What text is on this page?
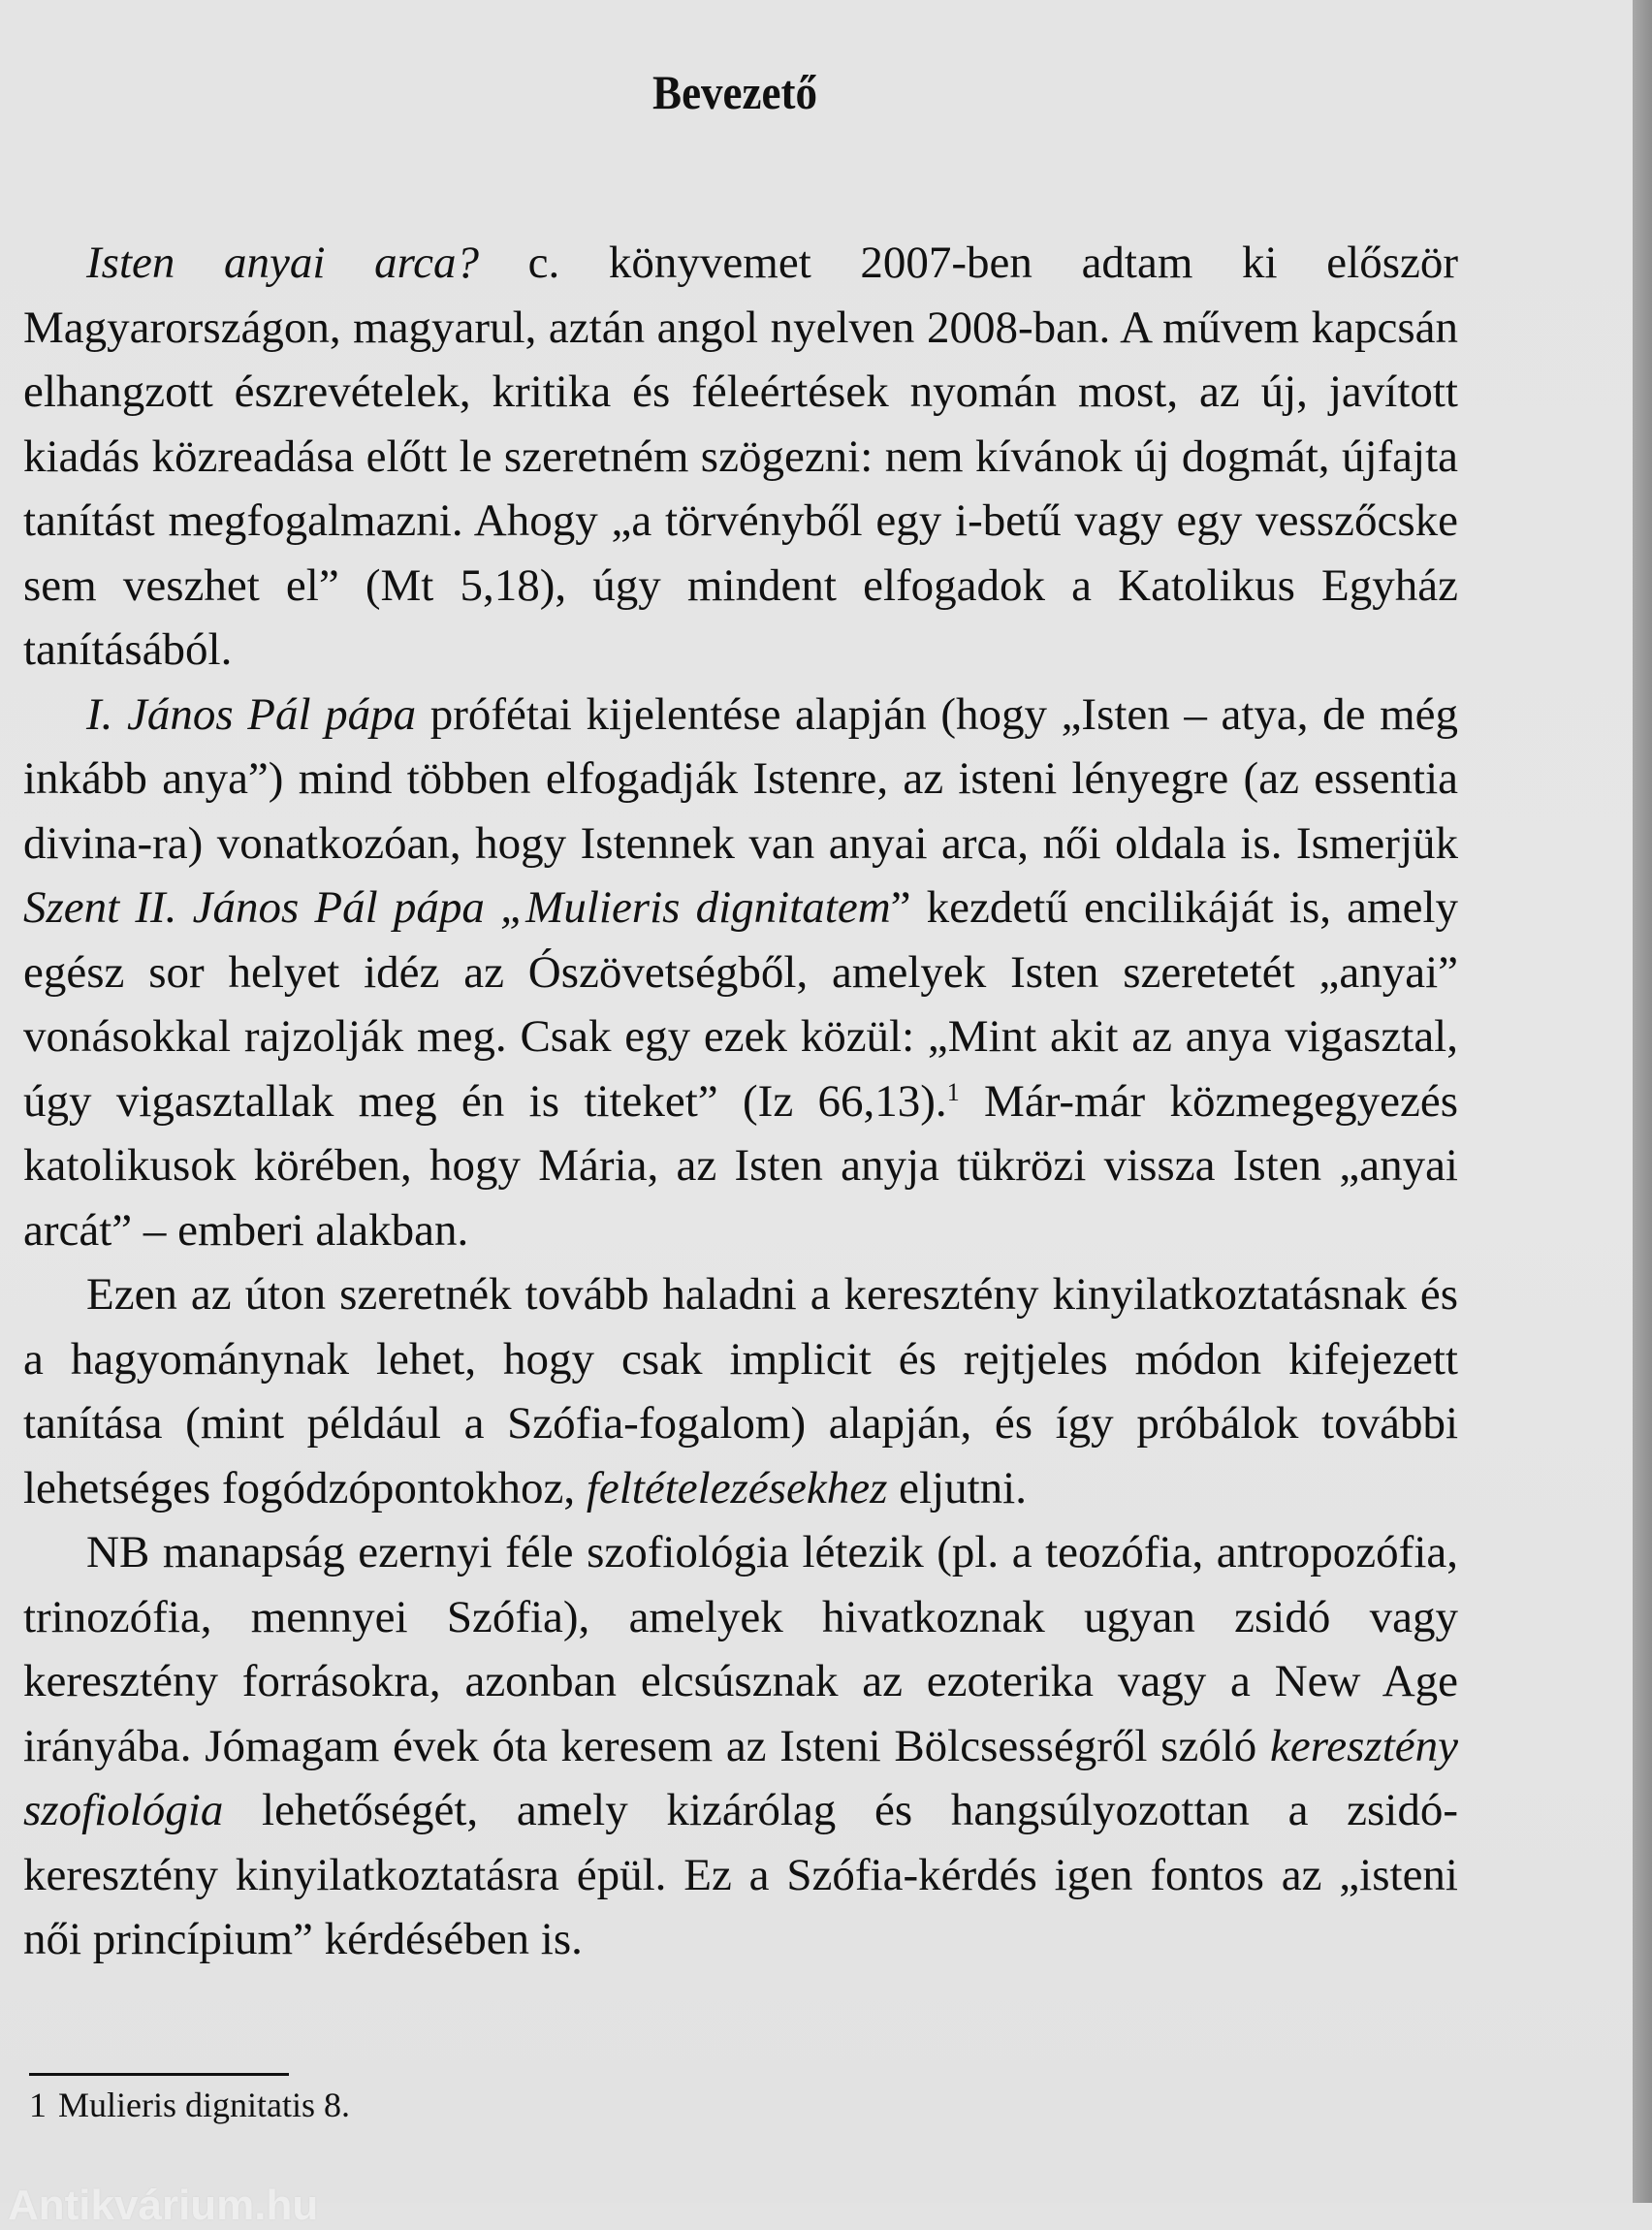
Bevezető

Isten anyai arca? c. könyvemet 2007-ben adtam ki először Magyarországon, magyarul, aztán angol nyelven 2008-ban. A művem kapcsán elhangzott észrevételek, kritika és féleértések nyomán most, az új, javított kiadás közreadása előtt le szeretném szögezni: nem kívánok új dogmát, újfajta tanítást megfogalmazni. Ahogy „a törvényből egy i-betű vagy egy vesszőcske sem veszhet el” (Mt 5,18), úgy mindent elfogadok a Katolikus Egyház tanításából.

I. János Pál pápa prófétai kijelentése alapján (hogy „Isten – atya, de még inkább anya”) mind többen elfogadják Istenre, az isteni lényegre (az essentia divina-ra) vonatkozóan, hogy Istennek van anyai arca, női oldala is. Ismerjük Szent II. János Pál pápa „Mulieris dignitatem” kezdetű encilikáját is, amely egész sor helyet idéz az Ószövetségből, amelyek Isten szeretetét „anyai” vonásokkal rajzolják meg. Csak egy ezek közül: „Mint akit az anya vigasztal, úgy vigasztallak meg én is titeket” (Iz 66,13).$^1$ Már-már közmegegyezés katolikusok körében, hogy Mária, az Isten anyja tükrözi vissza Isten „anyai arcát” – emberi alakban.

Ezen az úton szeretnék tovább haladni a keresztény kinyilatkoztatásnak és a hagyománynak lehet, hogy csak implicit és rejtjeles módon kifejezett tanítása (mint például a Szófia-fogalom) alapján, és így próbálok további lehetséges fogódzópontokhoz, feltételezésekhez eljutni.

NB manapság ezernyi féle szofiológia létezik (pl. a teozófia, antropozófia, trinozófia, mennyei Szófia), amelyek hivatkoznak ugyan zsidó vagy keresztény forrásokra, azonban elcsúsznak az ezoterika vagy a New Age irányába. Jómagam évek óta keresem az Isteni Bölcsességről szóló keresztény szofiológia lehetőségét, amely kizárólag és hangsúlyozottan a zsidó-keresztény kinyilatkoztatásra épül. Ez a Szófia-kérdés igen fontos az „isteni női princípium” kérdésében is.

1 Mulieris dignitatis 8.
Antikvárium.hu
